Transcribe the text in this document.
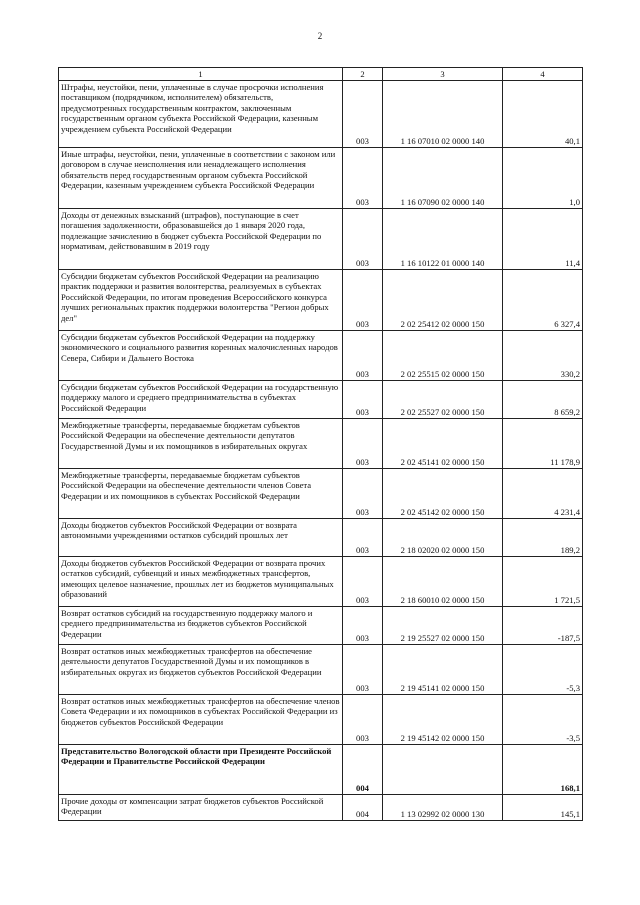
2
1	2	3	4
Штрафы, неустойки, пени, уплаченные в случае просрочки исполнения поставщиком (подрядчиком, исполнителем) обязательств, предусмотренных государственным контрактом, заключенным государственным органом субъекта Российской Федерации, казенным учреждением субъекта Российской Федерации	003	1 16 07010 02 0000 140	40,1
Иные штрафы, неустойки, пени, уплаченные в соответствии с законом или договором в случае неисполнения или ненадлежащего исполнения обязательств перед государственным органом субъекта Российской Федерации, казенным учреждением субъекта Российской Федерации	003	1 16 07090 02 0000 140	1,0
Доходы от денежных взысканий (штрафов), поступающие в счет погашения задолженности, образовавшейся до 1 января 2020 года, подлежащие зачислению в бюджет субъекта Российской Федерации по нормативам, действовавшим в 2019 году	003	1 16 10122 01 0000 140	11,4
Субсидии бюджетам субъектов Российской Федерации на реализацию практик поддержки и развития волонтерства, реализуемых в субъектах Российской Федерации, по итогам проведения Всероссийского конкурса лучших региональных практик поддержки волонтерства "Регион добрых дел"	003	2 02 25412 02 0000 150	6 327,4
Субсидии бюджетам субъектов Российской Федерации на поддержку экономического и социального развития коренных малочисленных народов Севера, Сибири и Дальнего Востока	003	2 02 25515 02 0000 150	330,2
Субсидии бюджетам субъектов Российской Федерации на государственную поддержку малого и среднего предпринимательства в субъектах Российской Федерации	003	2 02 25527 02 0000 150	8 659,2
Межбюджетные трансферты, передаваемые бюджетам субъектов Российской Федерации на обеспечение деятельности депутатов Государственной Думы и их помощников в избирательных округах	003	2 02 45141 02 0000 150	11 178,9
Межбюджетные трансферты, передаваемые бюджетам субъектов Российской Федерации на обеспечение деятельности членов Совета Федерации и их помощников в субъектах Российской Федерации	003	2 02 45142 02 0000 150	4 231,4
Доходы бюджетов субъектов Российской Федерации от возврата автономными учреждениями остатков субсидий прошлых лет	003	2 18 02020 02 0000 150	189,2
Доходы бюджетов субъектов Российской Федерации от возврата прочих остатков субсидий, субвенций и иных межбюджетных трансфертов, имеющих целевое назначение, прошлых лет из бюджетов муниципальных образований	003	2 18 60010 02 0000 150	1 721,5
Возврат остатков субсидий на государственную поддержку малого и среднего предпринимательства из бюджетов субъектов Российской Федерации	003	2 19 25527 02 0000 150	-187,5
Возврат остатков иных межбюджетных трансфертов на обеспечение деятельности депутатов Государственной Думы и их помощников в избирательных округах из бюджетов субъектов Российской Федерации	003	2 19 45141 02 0000 150	-5,3
Возврат остатков иных межбюджетных трансфертов на обеспечение членов Совета Федерации и их помощников в субъектах Российской Федерации из бюджетов субъектов Российской Федерации	003	2 19 45142 02 0000 150	-3,5
Представительство Вологодской области при Президенте Российской Федерации и Правительстве Российской Федерации	004		168,1
Прочие доходы от компенсации затрат бюджетов субъектов Российской Федерации	004	1 13 02992 02 0000 130	145,1
